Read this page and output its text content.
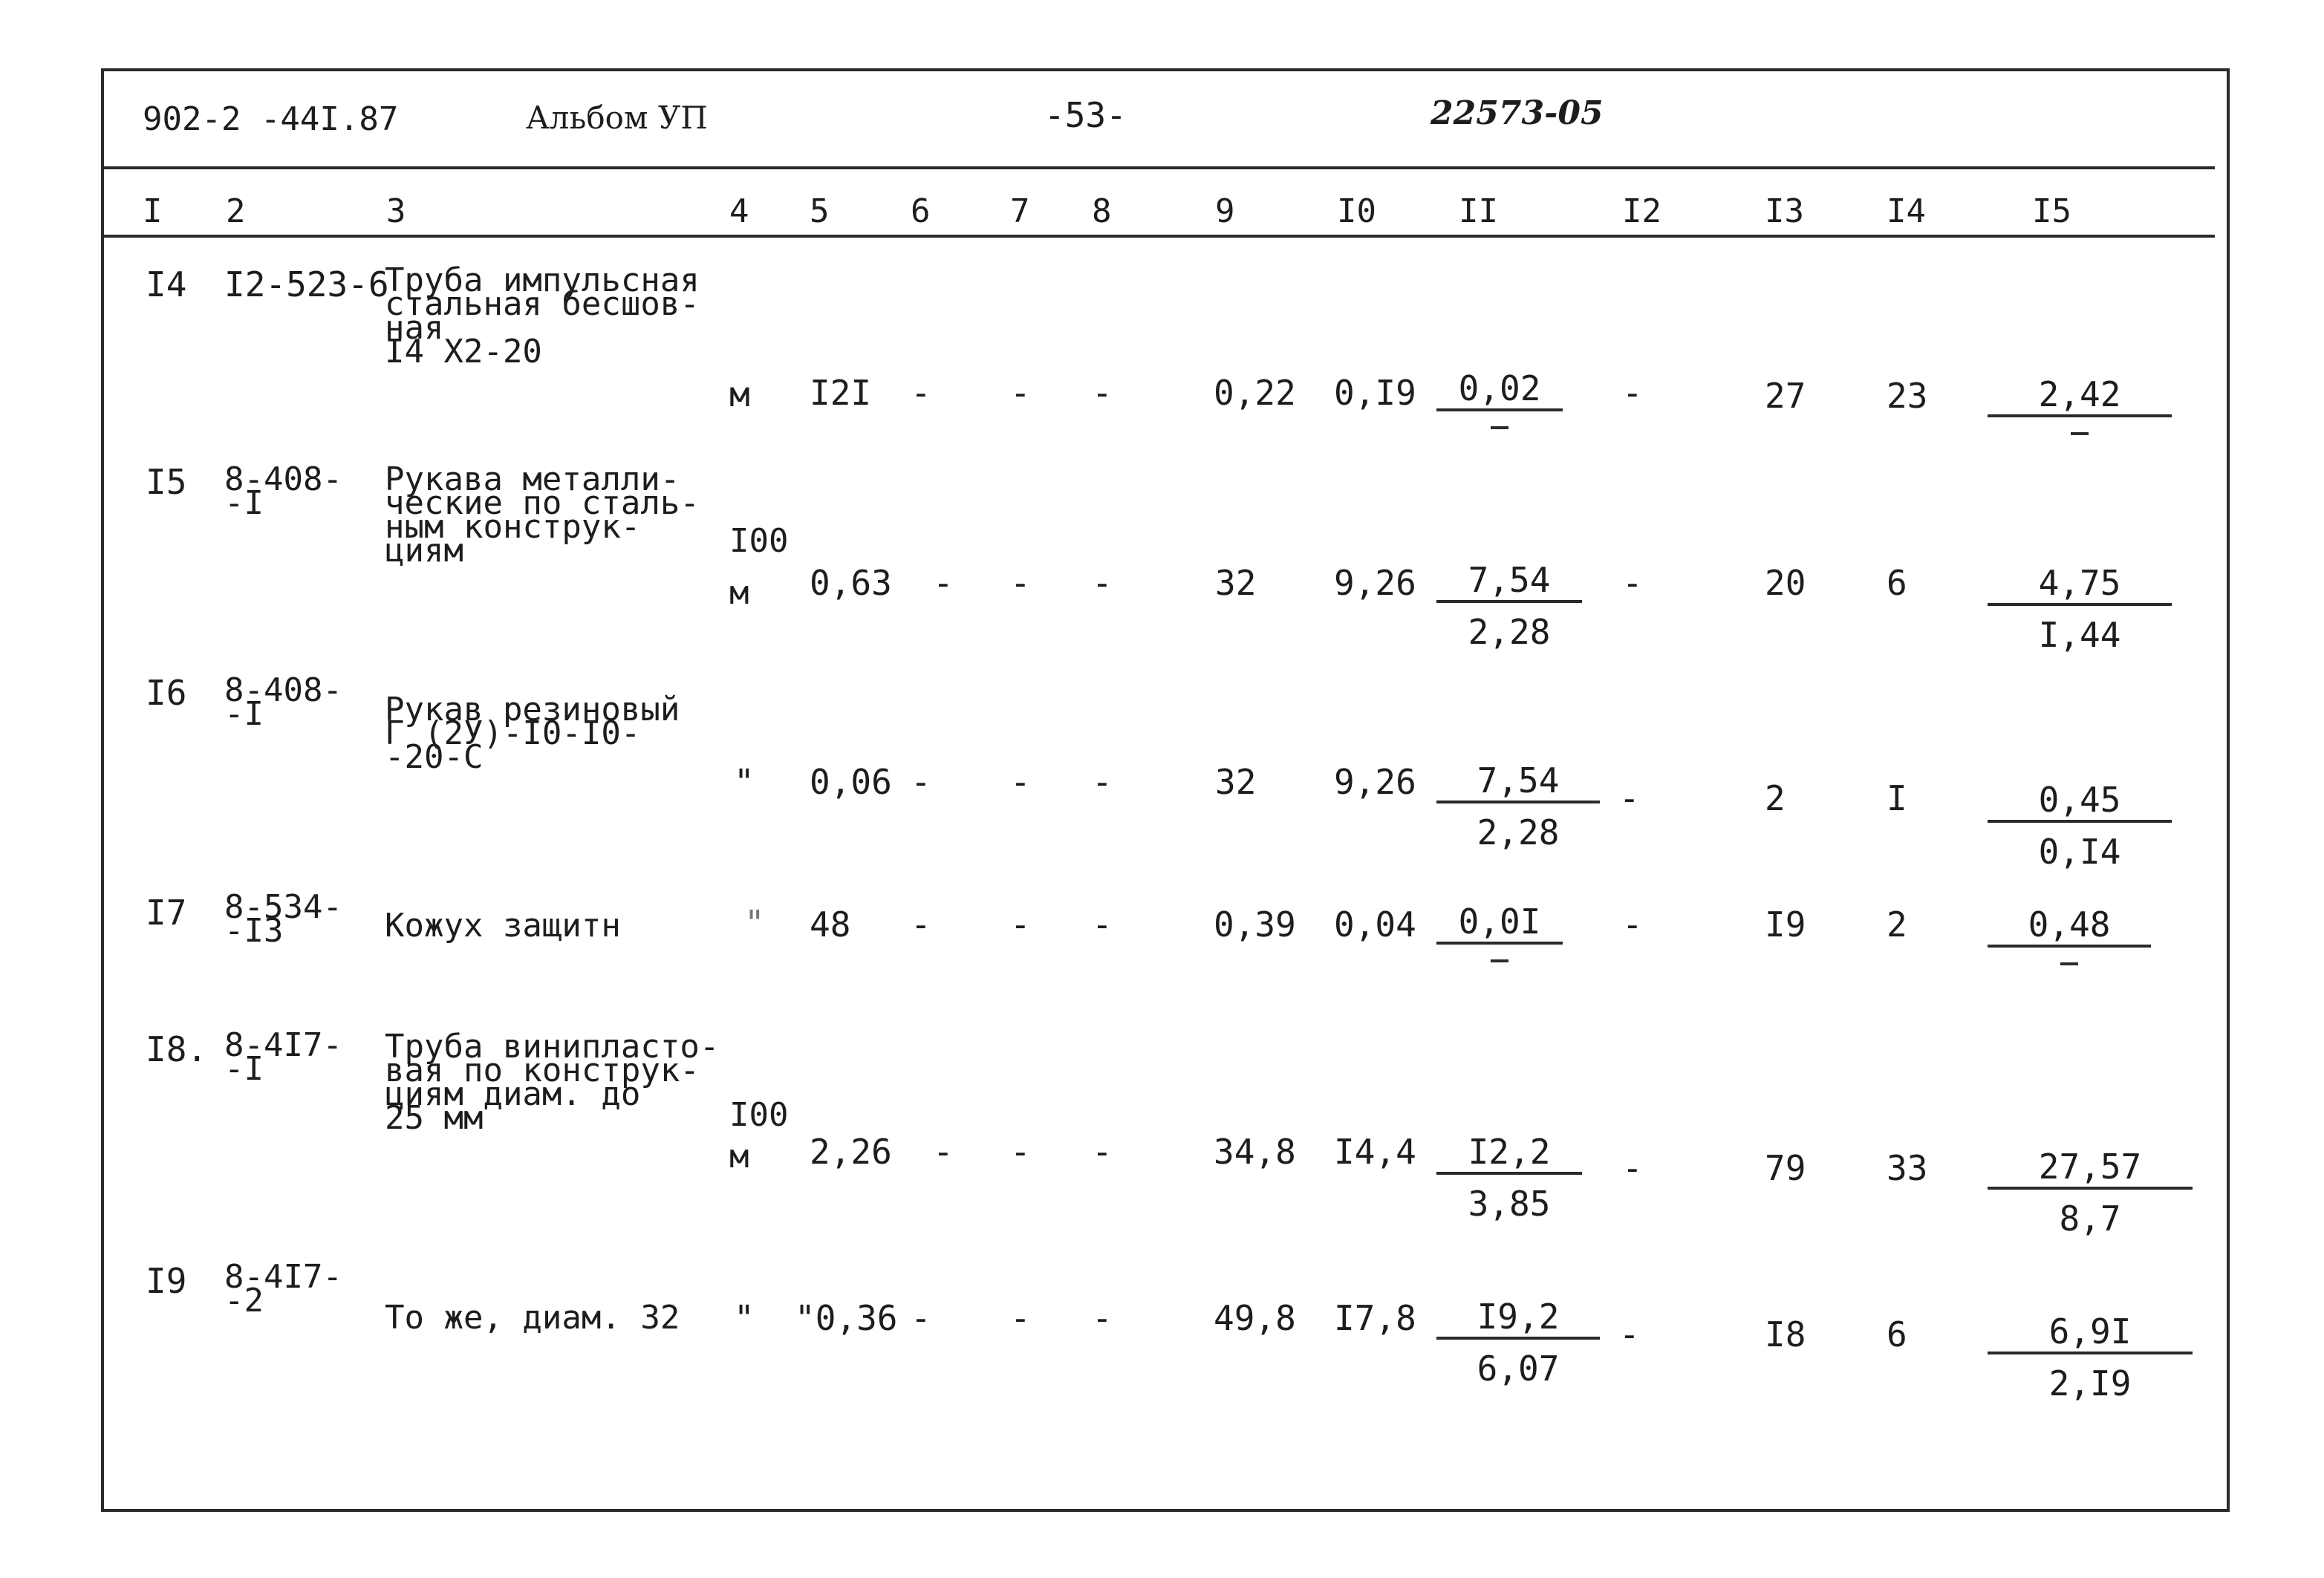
902-2 -44I.87	Альбом УП	-53-	22573-05
I 2	3	4 5 6 7 8	9	I0	II	I2	I3	I4	I5
I4 I2-523-6
Труба импульсная
стальная бесшов-
ная
I4 X2-20
м I2I - - -	0,22 0,I9	0,02	-	27 23	2,42
I5 8-408-
-I
Рукава металли-
ческие по сталь-
ным конструк-
циям	I00
м	0,63 - - -	32 9,26	7,54
2,28
-	20 6	4,75
I,44
I6 8-408-
-I	Рукав резиновый
Г (2У)-I0-I0-
-20-С
" 0,06 - - -	32 9,26	7,54
2,28
-	2	I	0,45
0,I4
I7 8-534-
-I3	Кожух защитн	" 48 - - -	0,39 0,04	0,0I	-	I9 2	0,48
I8. 8-4I7-
-I
Труба винипласто-
вая по конструк-
циям диам. до
25 мм	I00
м	2,26 - - -	34,8 I4,4	I2,2
3,85
-	79 33	27,57
8,7
I9 8-4I7-
-2	То же, диам. 32 " "0,36 - - -	49,8 I7,8	I9,2
6,07
-	I8 6	6,9I
2,I9
